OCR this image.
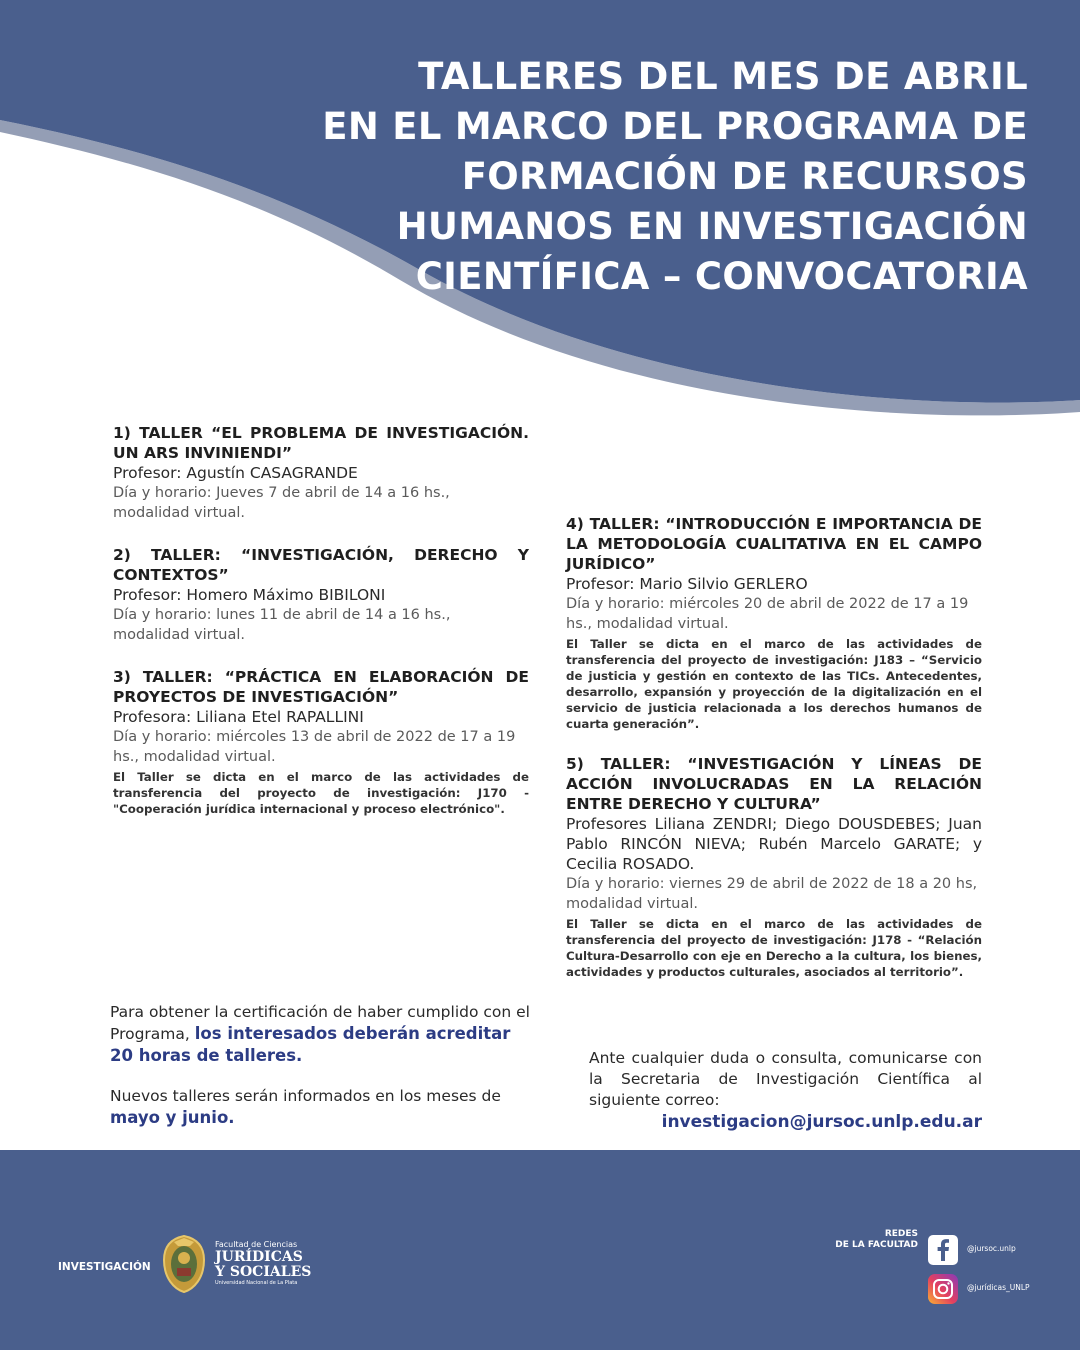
TALLERES DEL MES DE ABRIL
EN EL MARCO DEL PROGRAMA DE
FORMACIÓN DE RECURSOS
HUMANOS EN INVESTIGACIÓN
CIENTÍFICA – CONVOCATORIA
1) TALLER “EL PROBLEMA DE INVESTIGACIÓN. UN ARS INVINIENDI”
Profesor: Agustín CASAGRANDE
Día y horario: Jueves 7 de abril de 14 a 16 hs., modalidad virtual.
2) TALLER: “INVESTIGACIÓN, DERECHO Y CONTEXTOS”
Profesor: Homero Máximo BIBILONI
Día y horario: lunes 11 de abril de 14 a 16 hs., modalidad virtual.
3) TALLER: “PRÁCTICA EN ELABORACIÓN DE PROYECTOS DE INVESTIGACIÓN”
Profesora: Liliana Etel RAPALLINI
Día y horario: miércoles 13 de abril de 2022 de 17 a 19 hs., modalidad virtual.
El Taller se dicta en el marco de las actividades de transferencia del proyecto de investigación: J170 - "Cooperación jurídica internacional y proceso electrónico".
4) TALLER: “INTRODUCCIÓN E IMPORTANCIA DE LA METODOLOGÍA CUALITATIVA EN EL CAMPO JURÍDICO”
Profesor: Mario Silvio GERLERO
Día y horario: miércoles 20 de abril de 2022 de 17 a 19 hs., modalidad virtual.
El Taller se dicta en el marco de las actividades de transferencia del proyecto de investigación: J183 – “Servicio de justicia y gestión en contexto de las TICs. Antecedentes, desarrollo, expansión y proyección de la digitalización en el servicio de justicia relacionada a los derechos humanos de cuarta generación”.
5) TALLER: “INVESTIGACIÓN Y LÍNEAS DE ACCIÓN INVOLUCRADAS EN LA RELACIÓN ENTRE DERECHO Y CULTURA”
Profesores Liliana ZENDRI; Diego DOUSDEBES; Juan Pablo RINCÓN NIEVA; Rubén Marcelo GARATE; y Cecilia ROSADO.
Día y horario: viernes 29 de abril de 2022 de 18 a 20 hs, modalidad virtual.
El Taller se dicta en el marco de las actividades de transferencia del proyecto de investigación: J178 - “Relación Cultura-Desarrollo con eje en Derecho a la cultura, los bienes, actividades y productos culturales, asociados al territorio”.

Para obtener la certificación de haber cumplido con el Programa, los interesados deberán acreditar 20 horas de talleres.

Nuevos talleres serán informados en los meses de mayo y junio.

Ante cualquier duda o consulta, comunicarse con la Secretaria de Investigación Científica al siguiente correo:
investigacion@jursoc.unlp.edu.ar
INVESTIGACIÓN
Facultad de Ciencias
JURÍDICAS
Y SOCIALES
Universidad Nacional de La Plata
REDES
DE LA FACULTAD	@jursoc.unlp
@jurídicas_UNLP
